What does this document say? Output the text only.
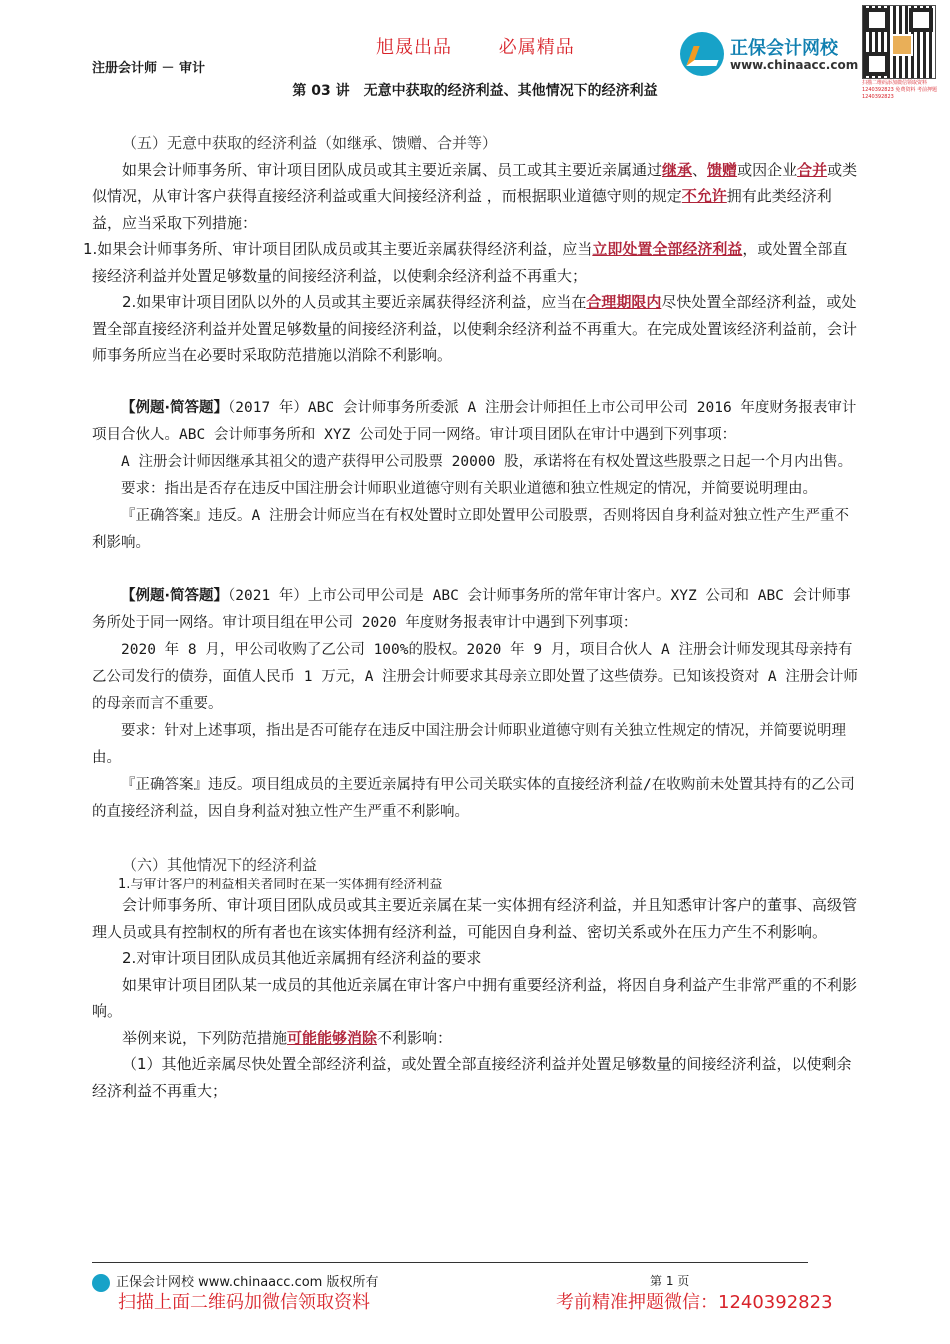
旭晟出品	必属精品
注册会计师 － 审计
正保会计网校
www.chinaacc.com
扫描二维码添加微信领取资料 1240392823 免费资料 考前押题 1240392823
第 03 讲　无意中获取的经济利益、其他情况下的经济利益

（五）无意中获取的经济利益（如继承、馈赠、合并等）

如果会计师事务所、审计项目团队成员或其主要近亲属、员工或其主要近亲属通过继承、馈赠或因企业合并或类似情况，从审计客户获得直接经济利益或重大间接经济利益 ，而根据职业道德守则的规定不允许拥有此类经济利益，应当采取下列措施：

1.如果会计师事务所、审计项目团队成员或其主要近亲属获得经济利益，应当立即处置全部经济利益，或处置全部直接经济利益并处置足够数量的间接经济利益，以使剩余经济利益不再重大；

2.如果审计项目团队以外的人员或其主要近亲属获得经济利益，应当在合理期限内尽快处置全部经济利益，或处置全部直接经济利益并处置足够数量的间接经济利益，以使剩余经济利益不再重大。在完成处置该经济利益前，会计师事务所应当在必要时采取防范措施以消除不利影响。

【例题·简答题】（2017 年）ABC 会计师事务所委派 A 注册会计师担任上市公司甲公司 2016 年度财务报表审计项目合伙人。ABC 会计师事务所和 XYZ 公司处于同一网络。审计项目团队在审计中遇到下列事项：

A 注册会计师因继承其祖父的遗产获得甲公司股票 20000 股，承诺将在有权处置这些股票之日起一个月内出售。

要求：指出是否存在违反中国注册会计师职业道德守则有关职业道德和独立性规定的情况，并简要说明理由。

『正确答案』违反。A 注册会计师应当在有权处置时立即处置甲公司股票，否则将因自身利益对独立性产生严重不利影响。

【例题·简答题】（2021 年）上市公司甲公司是 ABC 会计师事务所的常年审计客户。XYZ 公司和 ABC 会计师事务所处于同一网络。审计项目组在甲公司 2020 年度财务报表审计中遇到下列事项：

2020 年 8 月，甲公司收购了乙公司 100%的股权。2020 年 9 月，项目合伙人 A 注册会计师发现其母亲持有乙公司发行的债券，面值人民币 1 万元，A 注册会计师要求其母亲立即处置了这些债券。已知该投资对 A 注册会计师的母亲而言不重要。

要求：针对上述事项，指出是否可能存在违反中国注册会计师职业道德守则有关独立性规定的情况，并简要说明理由。

『正确答案』违反。项目组成员的主要近亲属持有甲公司关联实体的直接经济利益/在收购前未处置其持有的乙公司的直接经济利益，因自身利益对独立性产生严重不利影响。

（六）其他情况下的经济利益

1.与审计客户的利益相关者同时在某一实体拥有经济利益

会计师事务所、审计项目团队成员或其主要近亲属在某一实体拥有经济利益，并且知悉审计客户的董事、高级管理人员或具有控制权的所有者也在该实体拥有经济利益，可能因自身利益、密切关系或外在压力产生不利影响。

2.对审计项目团队成员其他近亲属拥有经济利益的要求

如果审计项目团队某一成员的其他近亲属在审计客户中拥有重要经济利益，将因自身利益产生非常严重的不利影响。

举例来说，下列防范措施可能能够消除不利影响：

（1）其他近亲属尽快处置全部经济利益，或处置全部直接经济利益并处置足够数量的间接经济利益，以使剩余经济利益不再重大；

正保会计网校 www.chinaacc.com 版权所有	第 1 页
扫描上面二维码加微信领取资料	考前精准押题微信：1240392823
